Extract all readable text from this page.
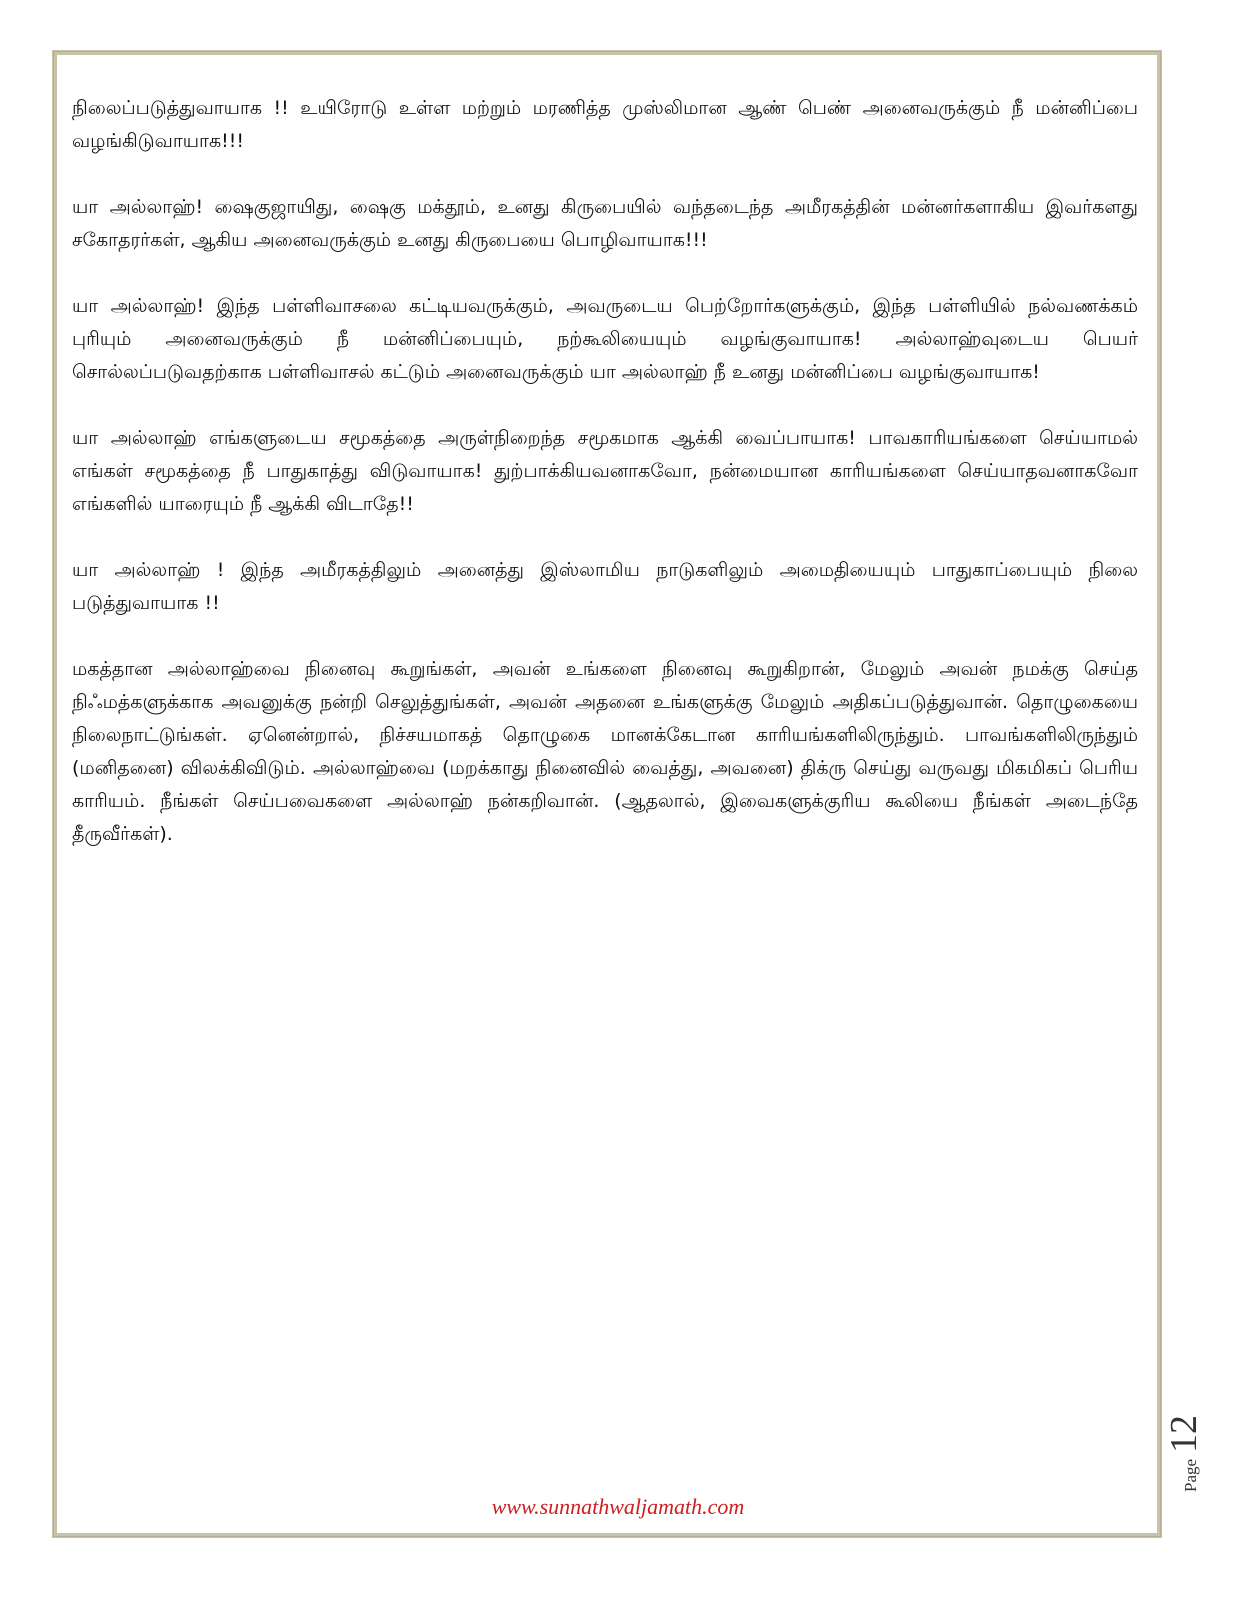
நிலைப்படுத்துவாயாக !! உயிரோடு உள்ள மற்றும் மரணித்த முஸ்லிமான ஆண் பெண் அனைவருக்கும் நீ மன்னிப்பை வழங்கிடுவாயாக!!!

யா அல்லாஹ்! ஷைகுஜாயிது, ஷைகு மக்தூம், உனது கிருபையில் வந்தடைந்த அமீரகத்தின் மன்னர்களாகிய இவர்களது சகோதரர்கள், ஆகிய அனைவருக்கும் உனது கிருபையை பொழிவாயாக!!!

யா அல்லாஹ்! இந்த பள்ளிவாசலை கட்டியவருக்கும், அவருடைய பெற்றோர்களுக்கும், இந்த பள்ளியில் நல்வணக்கம் புரியும் அனைவருக்கும் நீ மன்னிப்பையும், நற்கூலியையும் வழங்குவாயாக! அல்லாஹ்வுடைய பெயர் சொல்லப்படுவதற்காக பள்ளிவாசல் கட்டும் அனைவருக்கும் யா அல்லாஹ் நீ உனது மன்னிப்பை வழங்குவாயாக!

யா அல்லாஹ் எங்களுடைய சமூகத்தை அருள்நிறைந்த சமூகமாக ஆக்கி வைப்பாயாக! பாவகாரியங்களை செய்யாமல் எங்கள் சமூகத்தை நீ பாதுகாத்து விடுவாயாக! துற்பாக்கியவனாகவோ, நன்மையான காரியங்களை செய்யாதவனாகவோ எங்களில் யாரையும் நீ ஆக்கி விடாதே!!

யா அல்லாஹ் ! இந்த அமீரகத்திலும் அனைத்து இஸ்லாமிய நாடுகளிலும் அமைதியையும் பாதுகாப்பையும் நிலை படுத்துவாயாக !!

மகத்தான அல்லாஹ்வை நினைவு கூறுங்கள், அவன் உங்களை நினைவு கூறுகிறான், மேலும் அவன் நமக்கு செய்த நிஃமத்களுக்காக அவனுக்கு நன்றி செலுத்துங்கள், அவன் அதனை உங்களுக்கு மேலும் அதிகப்படுத்துவான். தொழுகையை நிலைநாட்டுங்கள். ஏனென்றால், நிச்சயமாகத் தொழுகை மானக்கேடான காரியங்களிலிருந்தும். பாவங்களிலிருந்தும் (மனிதனை) விலக்கிவிடும். அல்லாஹ்வை (மறக்காது நினைவில் வைத்து, அவனை) திக்ரு செய்து வருவது மிகமிகப் பெரிய காரியம். நீங்கள் செய்பவைகளை அல்லாஹ் நன்கறிவான். (ஆதலால், இவைகளுக்குரிய கூலியை நீங்கள் அடைந்தே தீருவீர்கள்).

www.sunnathwaljamath.com
Page12
